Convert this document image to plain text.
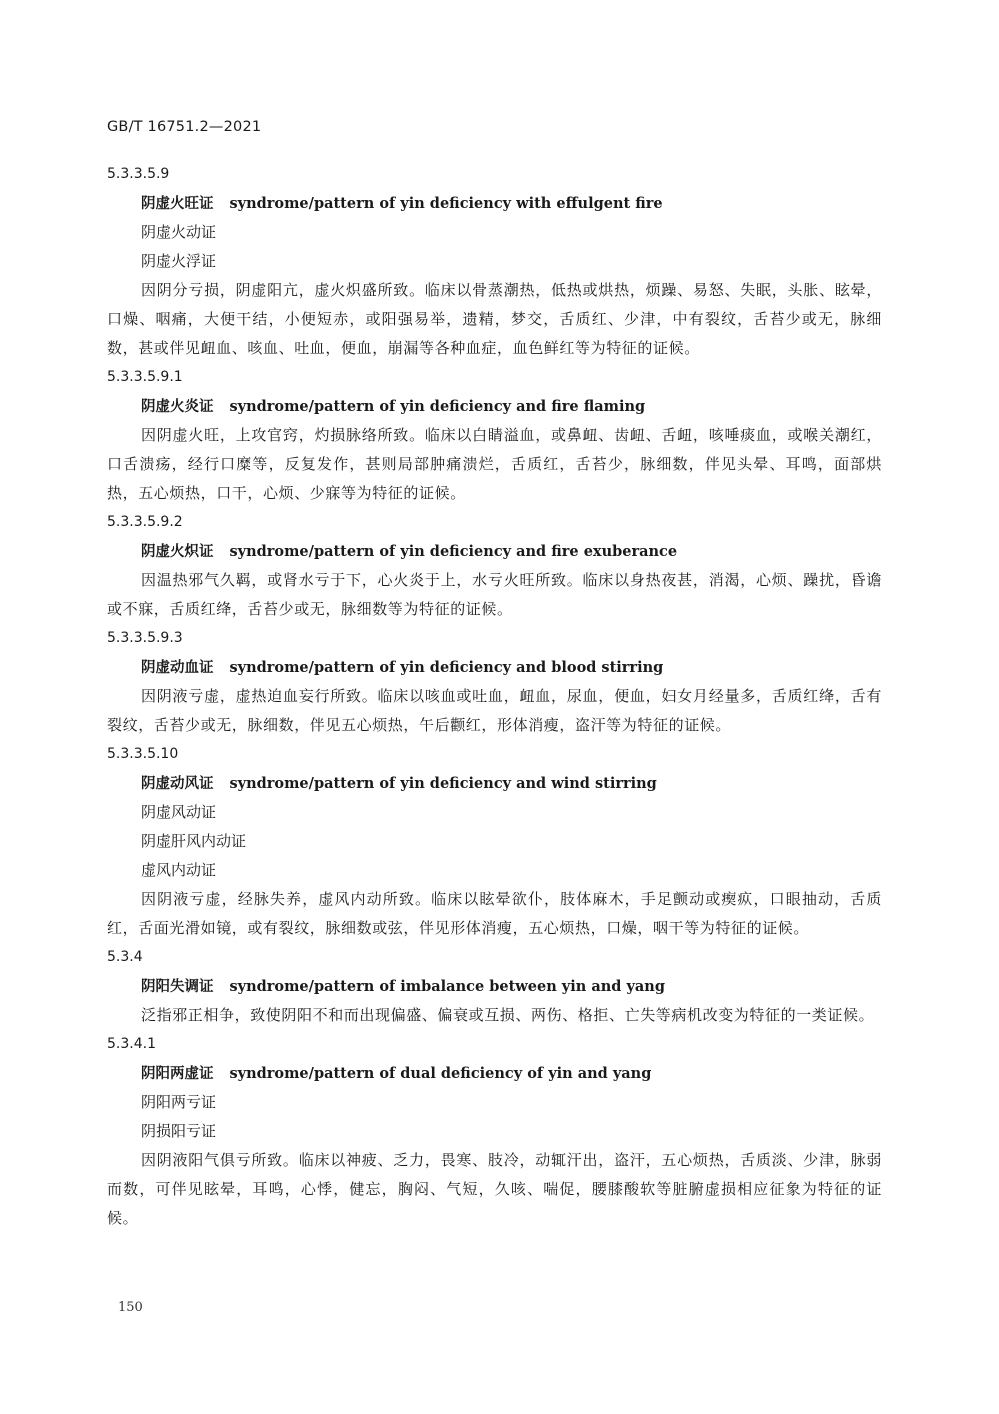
GB/T 16751.2—2021
5.3.3.5.9
阴虚火旺证 syndrome/pattern of yin deficiency with effulgent fire
阴虚火动证
阴虚火浮证
因阴分亏损，阴虚阳亢，虚火炽盛所致。临床以骨蒸潮热，低热或烘热，烦躁、易怒、失眠，头胀、眩晕，口燥、咽痛，大便干结，小便短赤，或阳强易举，遗精，梦交，舌质红、少津，中有裂纹，舌苔少或无，脉细数，甚或伴见衄血、咳血、吐血，便血，崩漏等各种血症，血色鲜红等为特征的证候。
5.3.3.5.9.1
阴虚火炎证 syndrome/pattern of yin deficiency and fire flaming
因阴虚火旺，上攻官窍，灼损脉络所致。临床以白睛溢血，或鼻衄、齿衄、舌衄，咳唾痰血，或喉关潮红，口舌溃疡，经行口糜等，反复发作，甚则局部肿痛溃烂，舌质红，舌苔少，脉细数，伴见头晕、耳鸣，面部烘热，五心烦热，口干，心烦、少寐等为特征的证候。
5.3.3.5.9.2
阴虚火炽证 syndrome/pattern of yin deficiency and fire exuberance
因温热邪气久羁，或肾水亏于下，心火炎于上，水亏火旺所致。临床以身热夜甚，消渴，心烦、躁扰，昏谵或不寐，舌质红绛，舌苔少或无，脉细数等为特征的证候。
5.3.3.5.9.3
阴虚动血证 syndrome/pattern of yin deficiency and blood stirring
因阴液亏虚，虚热迫血妄行所致。临床以咳血或吐血，衄血，尿血，便血，妇女月经量多，舌质红绛，舌有裂纹，舌苔少或无，脉细数，伴见五心烦热，午后颧红，形体消瘦，盗汗等为特征的证候。
5.3.3.5.10
阴虚动风证 syndrome/pattern of yin deficiency and wind stirring
阴虚风动证
阴虚肝风内动证
虚风内动证
因阴液亏虚，经脉失养，虚风内动所致。临床以眩晕欲仆，肢体麻木，手足颤动或瘈疭，口眼抽动，舌质红，舌面光滑如镜，或有裂纹，脉细数或弦，伴见形体消瘦，五心烦热，口燥，咽干等为特征的证候。
5.3.4
阴阳失调证 syndrome/pattern of imbalance between yin and yang
泛指邪正相争，致使阴阳不和而出现偏盛、偏衰或互损、两伤、格拒、亡失等病机改变为特征的一类证候。
5.3.4.1
阴阳两虚证 syndrome/pattern of dual deficiency of yin and yang
阴阳两亏证
阴损阳亏证
因阴液阳气俱亏所致。临床以神疲、乏力，畏寒、肢冷，动辄汗出，盗汗，五心烦热，舌质淡、少津，脉弱而数，可伴见眩晕，耳鸣，心悸，健忘，胸闷、气短，久咳、喘促，腰膝酸软等脏腑虚损相应征象为特征的证候。
150
